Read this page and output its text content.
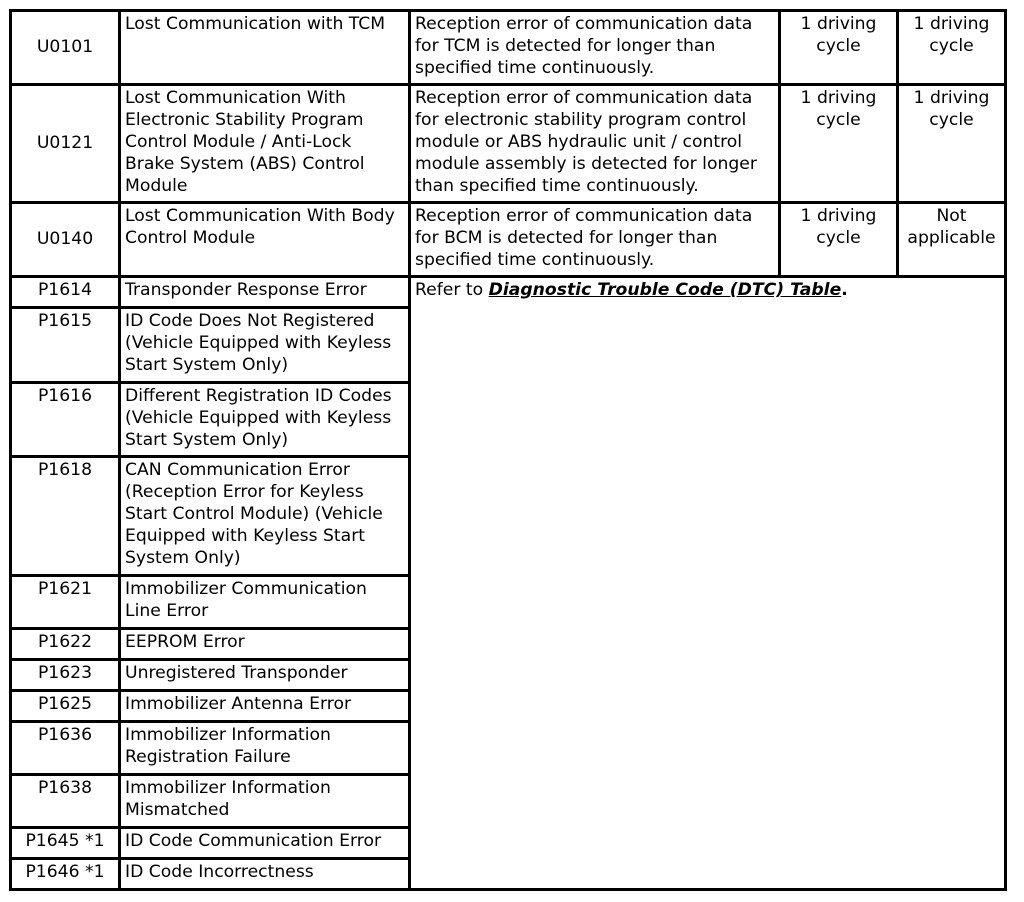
U0101	Lost Communication with TCM	Reception error of communication data for TCM is detected for longer than specified time continuously.	1 driving cycle	1 driving cycle
U0121	Lost Communication With Electronic Stability Program Control Module / Anti-Lock Brake System (ABS) Control Module	Reception error of communication data for electronic stability program control module or ABS hydraulic unit / control module assembly is detected for longer than specified time continuously.	1 driving cycle	1 driving cycle
U0140	Lost Communication With Body Control Module	Reception error of communication data for BCM is detected for longer than specified time continuously.	1 driving cycle	Not applicable
P1614	Transponder Response Error	Refer to Diagnostic Trouble Code (DTC) Table.		
P1615	ID Code Does Not Registered (Vehicle Equipped with Keyless Start System Only)			
P1616	Different Registration ID Codes (Vehicle Equipped with Keyless Start System Only)			
P1618	CAN Communication Error (Reception Error for Keyless Start Control Module) (Vehicle Equipped with Keyless Start System Only)			
P1621	Immobilizer Communication Line Error			
P1622	EEPROM Error			
P1623	Unregistered Transponder			
P1625	Immobilizer Antenna Error			
P1636	Immobilizer Information Registration Failure			
P1638	Immobilizer Information Mismatched			
P1645 *1	ID Code Communication Error			
P1646 *1	ID Code Incorrectness			
